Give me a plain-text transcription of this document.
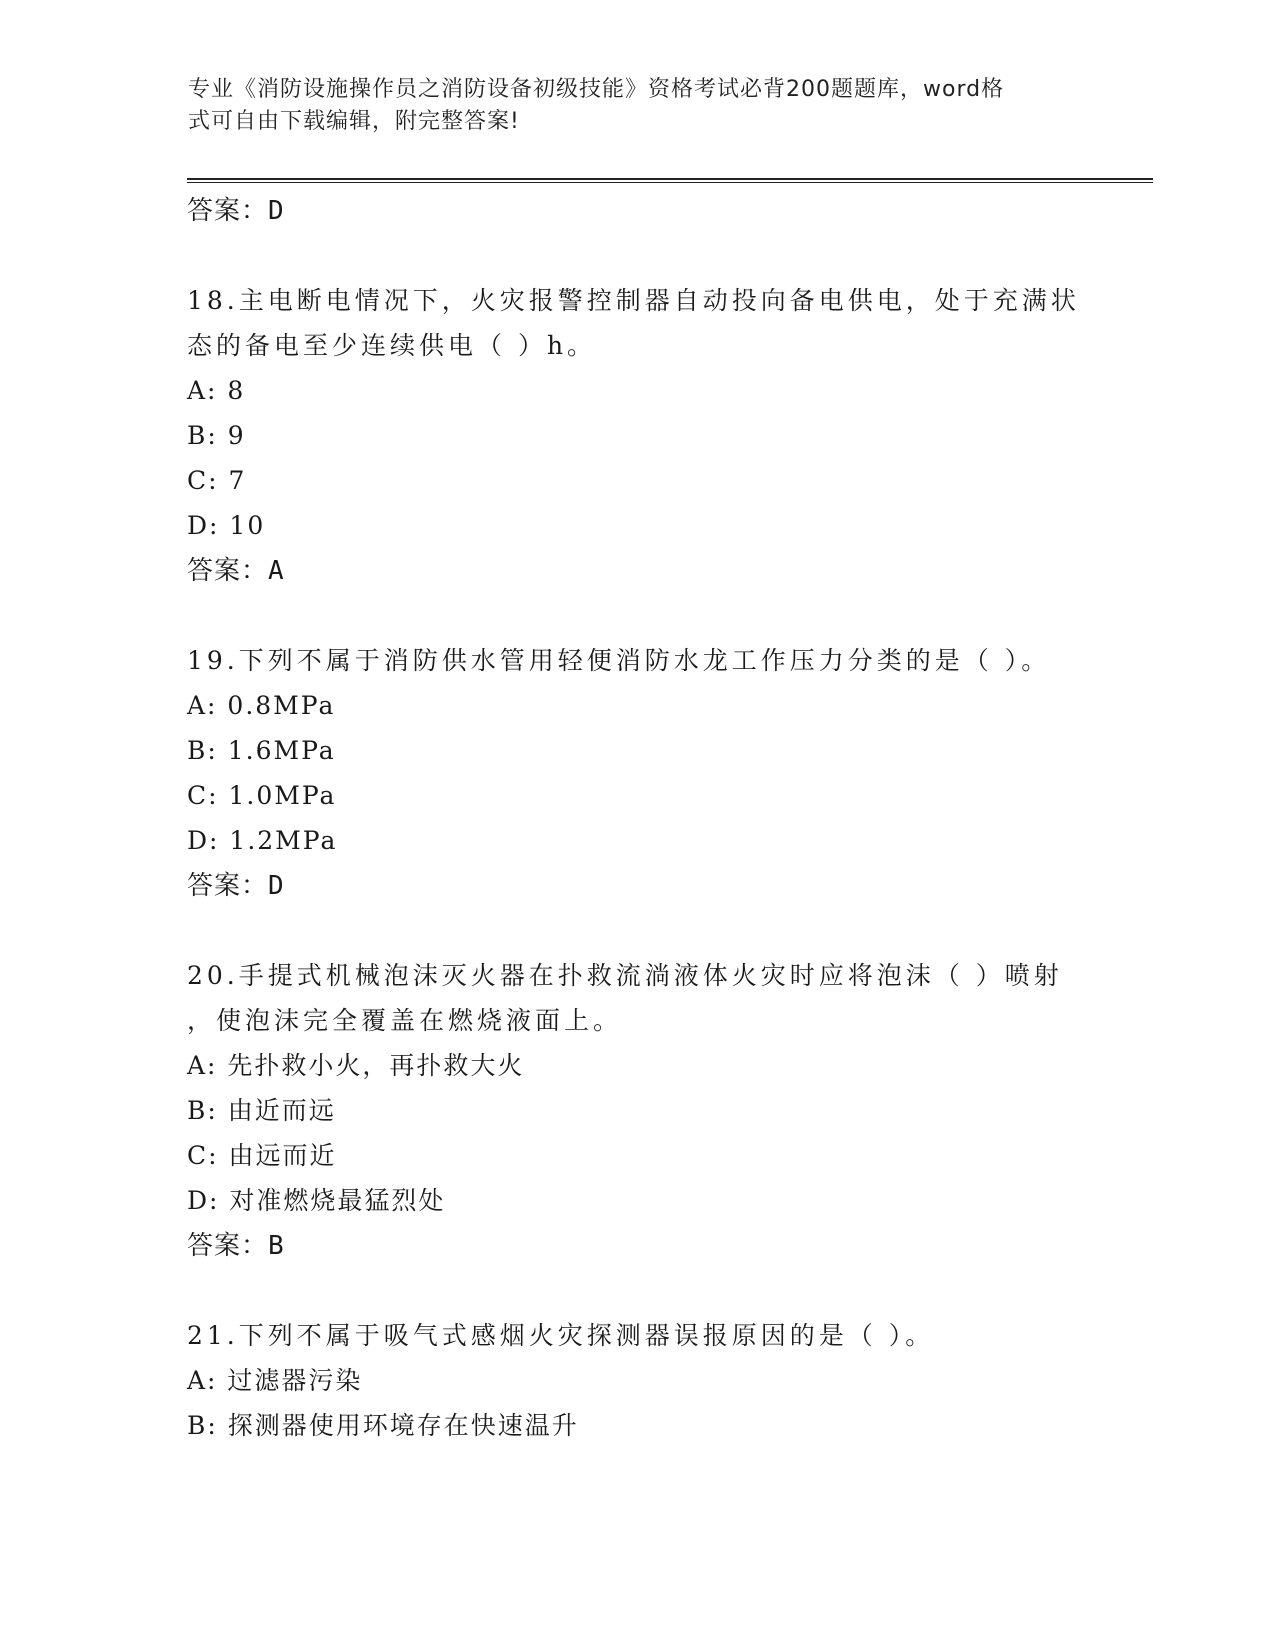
专业《消防设施操作员之消防设备初级技能》资格考试必背200题题库，word格
式可自由下载编辑，附完整答案!
答案：D
18.主电断电情况下，火灾报警控制器自动投向备电供电，处于充满状
态的备电至少连续供电（ ）h。
A: 8
B: 9
C: 7
D: 10
答案：A
19.下列不属于消防供水管用轻便消防水龙工作压力分类的是（ ）。
A: 0.8MPa
B: 1.6MPa
C: 1.0MPa
D: 1.2MPa
答案：D
20.手提式机械泡沫灭火器在扑救流淌液体火灾时应将泡沫（ ）喷射
，使泡沫完全覆盖在燃烧液面上。
A: 先扑救小火，再扑救大火
B: 由近而远
C: 由远而近
D: 对准燃烧最猛烈处
答案：B
21.下列不属于吸气式感烟火灾探测器误报原因的是（ ）。
A: 过滤器污染
B: 探测器使用环境存在快速温升
